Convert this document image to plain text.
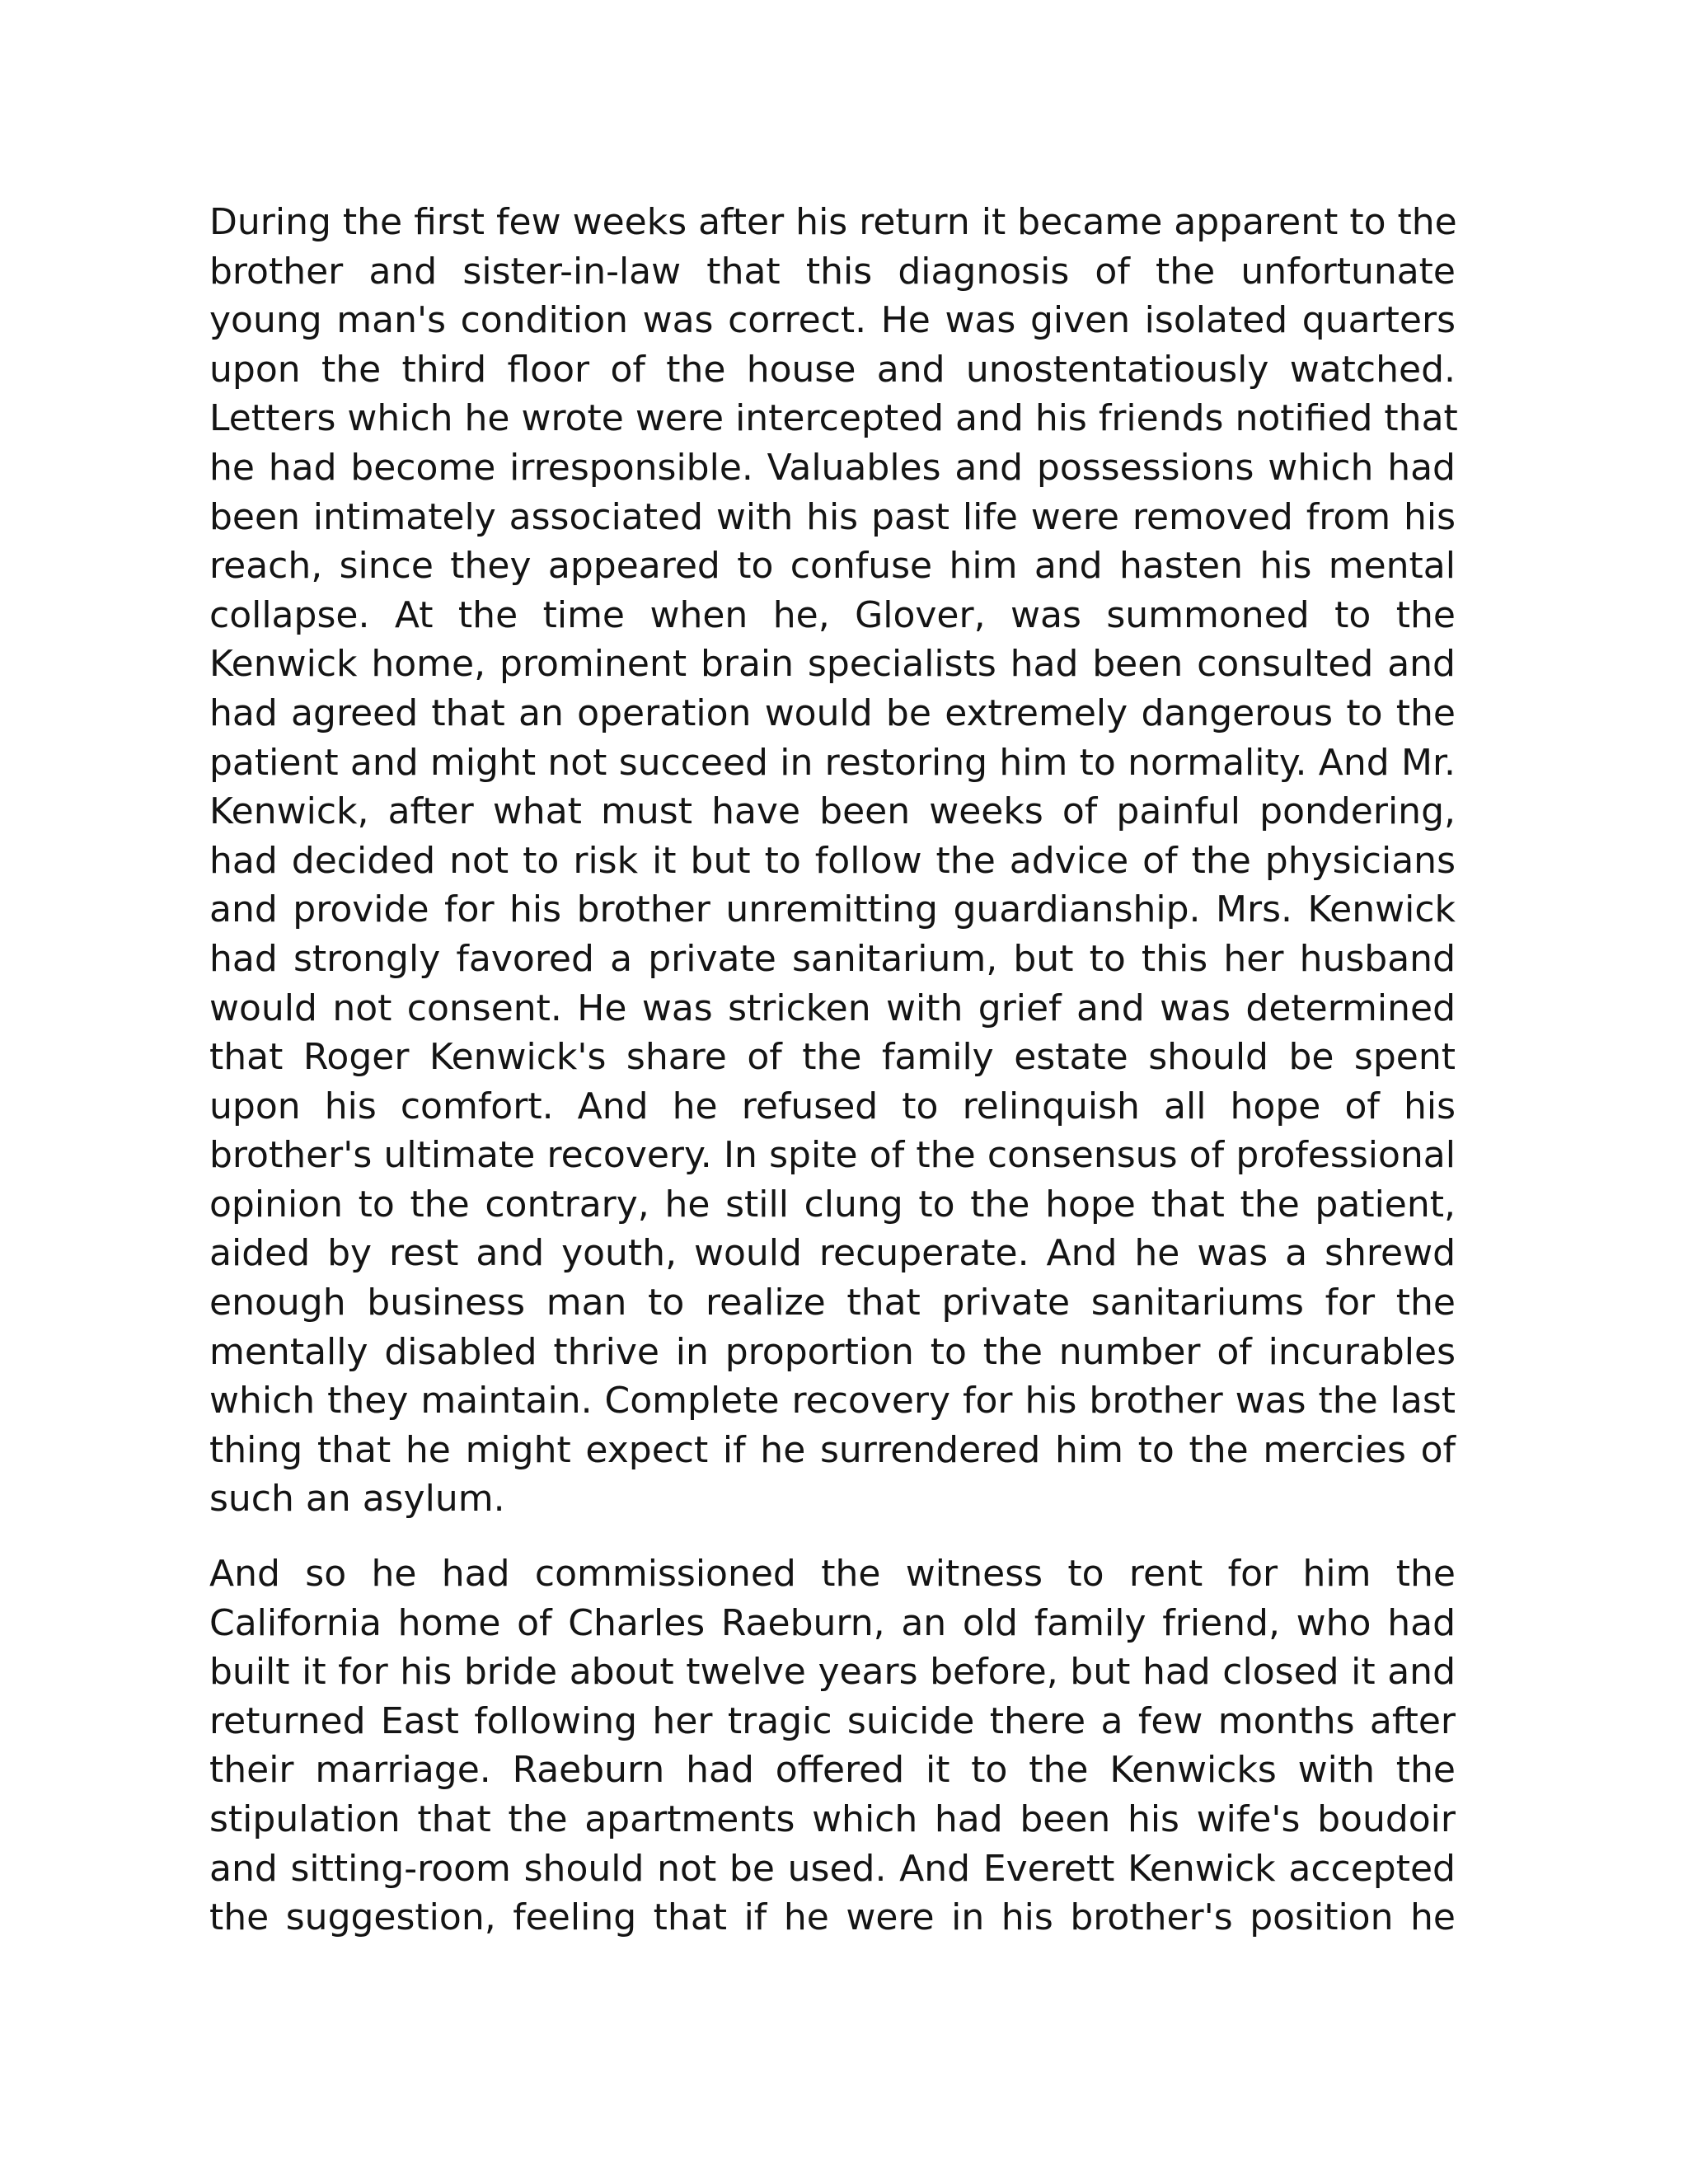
During the first few weeks after his return it became apparent to the
brother and sister-in-law that this diagnosis of the unfortunate
young man's condition was correct. He was given isolated quarters
upon the third floor of the house and unostentatiously watched.
Letters which he wrote were intercepted and his friends notified that
he had become irresponsible. Valuables and possessions which had
been intimately associated with his past life were removed from his
reach, since they appeared to confuse him and hasten his mental
collapse. At the time when he, Glover, was summoned to the
Kenwick home, prominent brain specialists had been consulted and
had agreed that an operation would be extremely dangerous to the
patient and might not succeed in restoring him to normality. And Mr.
Kenwick, after what must have been weeks of painful pondering,
had decided not to risk it but to follow the advice of the physicians
and provide for his brother unremitting guardianship. Mrs. Kenwick
had strongly favored a private sanitarium, but to this her husband
would not consent. He was stricken with grief and was determined
that Roger Kenwick's share of the family estate should be spent
upon his comfort. And he refused to relinquish all hope of his
brother's ultimate recovery. In spite of the consensus of professional
opinion to the contrary, he still clung to the hope that the patient,
aided by rest and youth, would recuperate. And he was a shrewd
enough business man to realize that private sanitariums for the
mentally disabled thrive in proportion to the number of incurables
which they maintain. Complete recovery for his brother was the last
thing that he might expect if he surrendered him to the mercies of
such an asylum.
And so he had commissioned the witness to rent for him the
California home of Charles Raeburn, an old family friend, who had
built it for his bride about twelve years before, but had closed it and
returned East following her tragic suicide there a few months after
their marriage. Raeburn had offered it to the Kenwicks with the
stipulation that the apartments which had been his wife's boudoir
and sitting-room should not be used. And Everett Kenwick accepted
the suggestion, feeling that if he were in his brother's position he
